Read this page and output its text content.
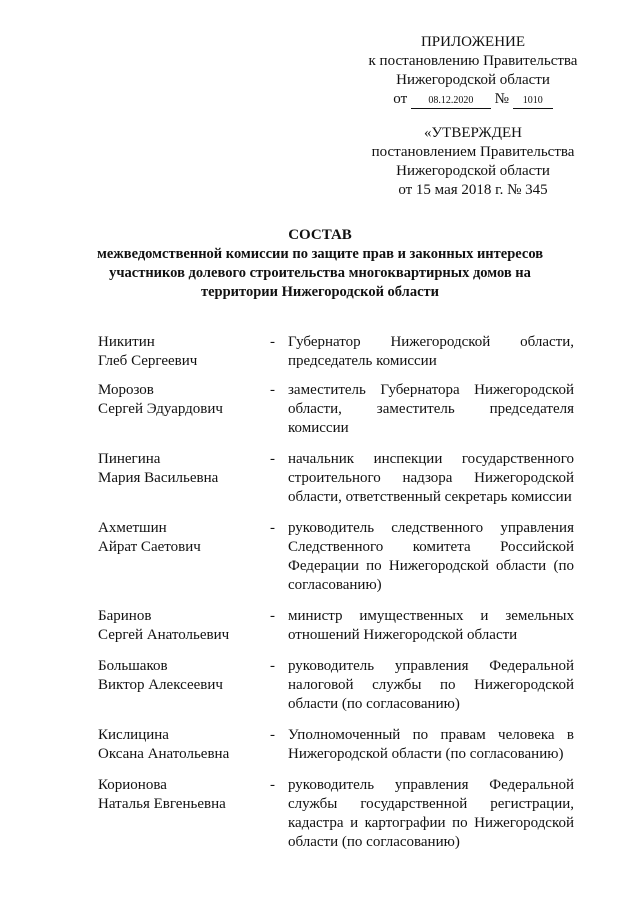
ПРИЛОЖЕНИЕ
к постановлению Правительства
Нижегородской области
от 08.12.2020 № 1010
«УТВЕРЖДЕН
постановлением Правительства
Нижегородской области
от 15 мая 2018 г. № 345
СОСТАВ
межведомственной комиссии по защите прав и законных интересов
участников долевого строительства многоквартирных домов на
территории Нижегородской области
Никитин
Глеб Сергеевич
- Губернатор Нижегородской области, председатель комиссии
Морозов
Сергей Эдуардович
- заместитель Губернатора Нижегородской области, заместитель председателя комиссии
Пинегина
Мария Васильевна
- начальник инспекции государственного строительного надзора Нижегородской области, ответственный секретарь комиссии
Ахметшин
Айрат Саетович
- руководитель следственного управления Следственного комитета Российской Федерации по Нижегородской области (по согласованию)
Баринов
Сергей Анатольевич
- министр имущественных и земельных отношений Нижегородской области
Большаков
Виктор Алексеевич
- руководитель управления Федеральной налоговой службы по Нижегородской области (по согласованию)
Кислицина
Оксана Анатольевна
- Уполномоченный по правам человека в Нижегородской области (по согласованию)
Корионова
Наталья Евгеньевна
- руководитель управления Федеральной службы государственной регистрации, кадастра и картографии по Нижегородской области (по согласованию)
